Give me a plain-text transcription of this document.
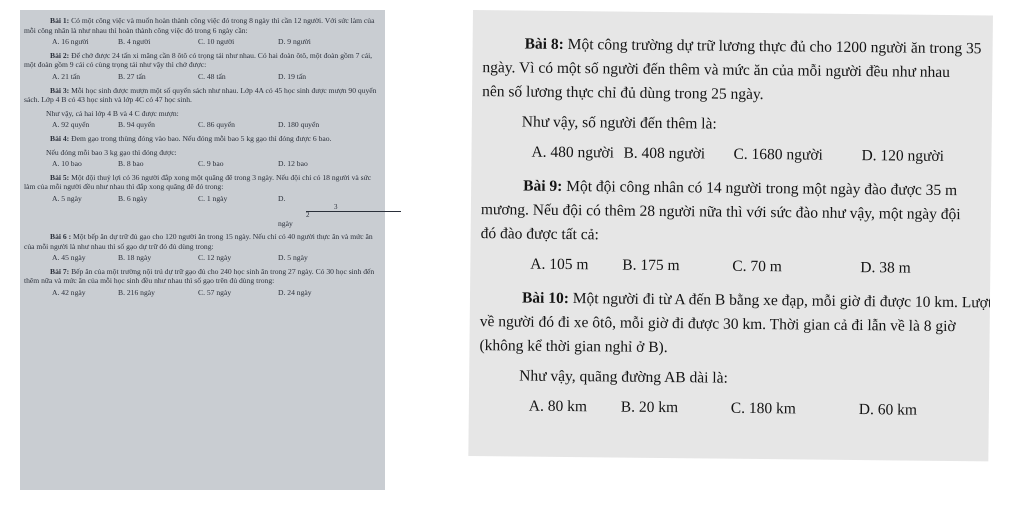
Bài 1: Có một công việc và muốn hoàn thành công việc đó trong 8 ngày thì cần 12 người. Với sức làm của mỗi công nhân là như nhau thì hoàn thành công việc đó trong 6 ngày cần:

A. 16 người	B. 4 người	C. 10 người	D. 9 người

Bài 2: Để chở được 24 tấn xi măng cần 8 ôtô có trọng tải như nhau. Có hai đoàn ôtô, một đoàn gồm 7 cái, một đoàn gồm 9 cái có cùng trọng tải như vậy thì chở được:

A. 21 tấn	B. 27 tấn	C. 48 tấn	D. 19 tấn

Bài 3: Mỗi học sinh được mượn một số quyển sách như nhau. Lớp 4A có 45 học sinh được mượn 90 quyển sách. Lớp 4 B có 43 học sinh và lớp 4C có 47 học sinh.

Như vậy, cả hai lớp 4 B và 4 C được mượn:

A. 92 quyển	B. 94 quyển	C. 86 quyển	D. 180 quyển

Bài 4: Đem gạo trong thùng đóng vào bao. Nếu đóng mỗi bao 5 kg gạo thì đóng được 6 bao.

Nếu đóng mỗi bao 3 kg gạo thì đóng được:

A. 10 bao	B. 8 bao	C. 9 bao	D. 12 bao

Bài 5: Một đội thuỷ lợi có 36 người đắp xong một quãng đê trong 3 ngày. Nếu đội chỉ có 18 người và sức làm của mỗi người đều như nhau thì đắp xong quãng đê đó trong:

A. 5 ngày	B. 6 ngày	C. 1 ngày	D. $\frac{3}{2}ngày$

Bài 6 : Một bếp ăn dự trữ đủ gạo cho 120 người ăn trong 15 ngày. Nếu chỉ có 40 người thực ăn và mức ăn của mỗi người là như nhau thì số gạo dự trữ đó đủ dùng trong:

A. 45 ngày	B. 18 ngày	C. 12 ngày	D. 5 ngày

Bài 7: Bếp ăn của một trường nội trú dự trữ gạo đủ cho 240 học sinh ăn trong 27 ngày. Có 30 học sinh đến thêm nữa và mức ăn của mỗi học sinh đều như nhau thì số gạo trên đủ dùng trong:

A. 42 ngày	B. 216 ngày	C. 57 ngày	D. 24 ngày

Bài 8: Một công trường dự trữ lương thực đủ cho 1200 người ăn trong 35

ngày. Vì có một số người đến thêm và mức ăn của mỗi người đều như nhau

nên số lương thực chỉ đủ dùng trong 25 ngày.

Như vậy, số người đến thêm là:

A. 480 người B. 408 người	C. 1680 người	D. 120 người

Bài 9: Một đội công nhân có 14 người trong một ngày đào được 35 m

mương. Nếu đội có thêm 28 người nữa thì với sức đào như vậy, một ngày đội

đó đào được tất cả:

A. 105 m	B. 175 m	C. 70 m	D. 38 m

Bài 10: Một người đi từ A đến B bằng xe đạp, mỗi giờ đi được 10 km. Lượt

về người đó đi xe ôtô, mỗi giờ đi được 30 km. Thời gian cả đi lẫn về là 8 giờ

(không kể thời gian nghỉ ở B).

Như vậy, quãng đường AB dài là:

A. 80 km	B. 20 km	C. 180 km	D. 60 km
